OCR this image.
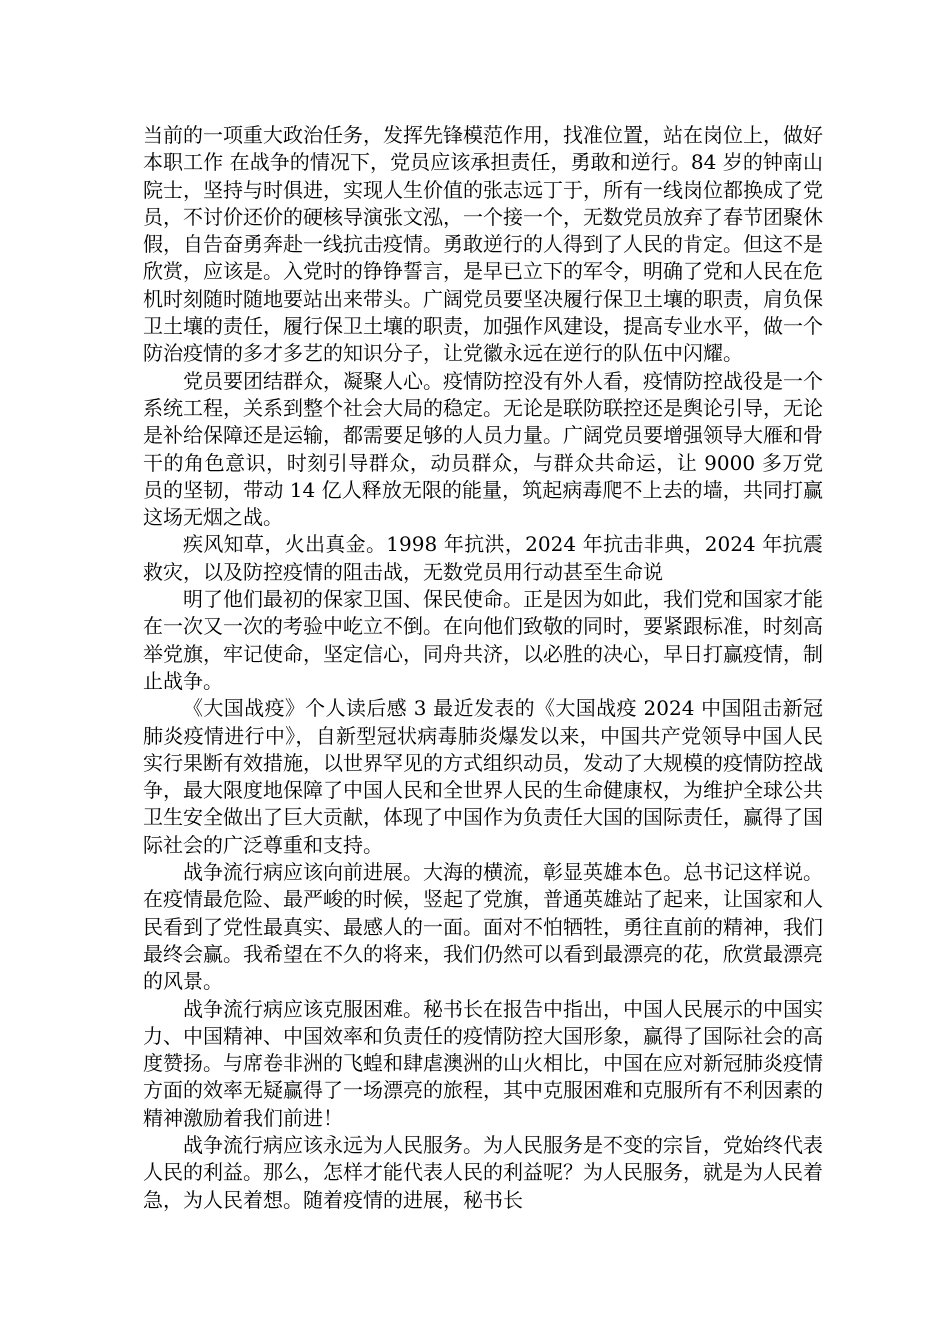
当前的一项重大政治任务，发挥先锋模范作用，找准位置，站在岗位上，做好本职工作 在战争的情况下，党员应该承担责任，勇敢和逆行。84 岁的钟南山院士，坚持与时俱进，实现人生价值的张志远丁于，所有一线岗位都换成了党员，不讨价还价的硬核导演张文泓，一个接一个，无数党员放弃了春节团聚休假，自告奋勇奔赴一线抗击疫情。勇敢逆行的人得到了人民的肯定。但这不是欣赏，应该是。入党时的铮铮誓言，是早已立下的军令，明确了党和人民在危机时刻随时随地要站出来带头。广阔党员要坚决履行保卫土壤的职责，肩负保卫土壤的责任，履行保卫土壤的职责，加强作风建设，提高专业水平，做一个防治疫情的多才多艺的知识分子，让党徽永远在逆行的队伍中闪耀。

党员要团结群众，凝聚人心。疫情防控没有外人看，疫情防控战役是一个系统工程，关系到整个社会大局的稳定。无论是联防联控还是舆论引导，无论是补给保障还是运输，都需要足够的人员力量。广阔党员要增强领导大雁和骨干的角色意识，时刻引导群众，动员群众，与群众共命运，让 9000 多万党员的坚韧，带动 14 亿人释放无限的能量，筑起病毒爬不上去的墙，共同打赢这场无烟之战。

疾风知草，火出真金。1998 年抗洪，2024 年抗击非典，2024 年抗震救灾，以及防控疫情的阻击战，无数党员用行动甚至生命说

明了他们最初的保家卫国、保民使命。正是因为如此，我们党和国家才能在一次又一次的考验中屹立不倒。在向他们致敬的同时，要紧跟标准，时刻高举党旗，牢记使命，坚定信心，同舟共济，以必胜的决心，早日打赢疫情，制止战争。

《大国战疫》个人读后感 3 最近发表的《大国战疫 2024 中国阻击新冠肺炎疫情进行中》，自新型冠状病毒肺炎爆发以来，中国共产党领导中国人民实行果断有效措施，以世界罕见的方式组织动员，发动了大规模的疫情防控战争，最大限度地保障了中国人民和全世界人民的生命健康权，为维护全球公共卫生安全做出了巨大贡献，体现了中国作为负责任大国的国际责任，赢得了国际社会的广泛尊重和支持。

战争流行病应该向前进展。大海的横流，彰显英雄本色。总书记这样说。在疫情最危险、最严峻的时候，竖起了党旗，普通英雄站了起来，让国家和人民看到了党性最真实、最感人的一面。面对不怕牺牲，勇往直前的精神，我们最终会赢。我希望在不久的将来，我们仍然可以看到最漂亮的花，欣赏最漂亮的风景。

战争流行病应该克服困难。秘书长在报告中指出，中国人民展示的中国实力、中国精神、中国效率和负责任的疫情防控大国形象，赢得了国际社会的高度赞扬。与席卷非洲的飞蝗和肆虐澳洲的山火相比，中国在应对新冠肺炎疫情方面的效率无疑赢得了一场漂亮的旅程，其中克服困难和克服所有不利因素的精神激励着我们前进！

战争流行病应该永远为人民服务。为人民服务是不变的宗旨，党始终代表人民的利益。那么，怎样才能代表人民的利益呢？为人民服务，就是为人民着急，为人民着想。随着疫情的进展，秘书长
